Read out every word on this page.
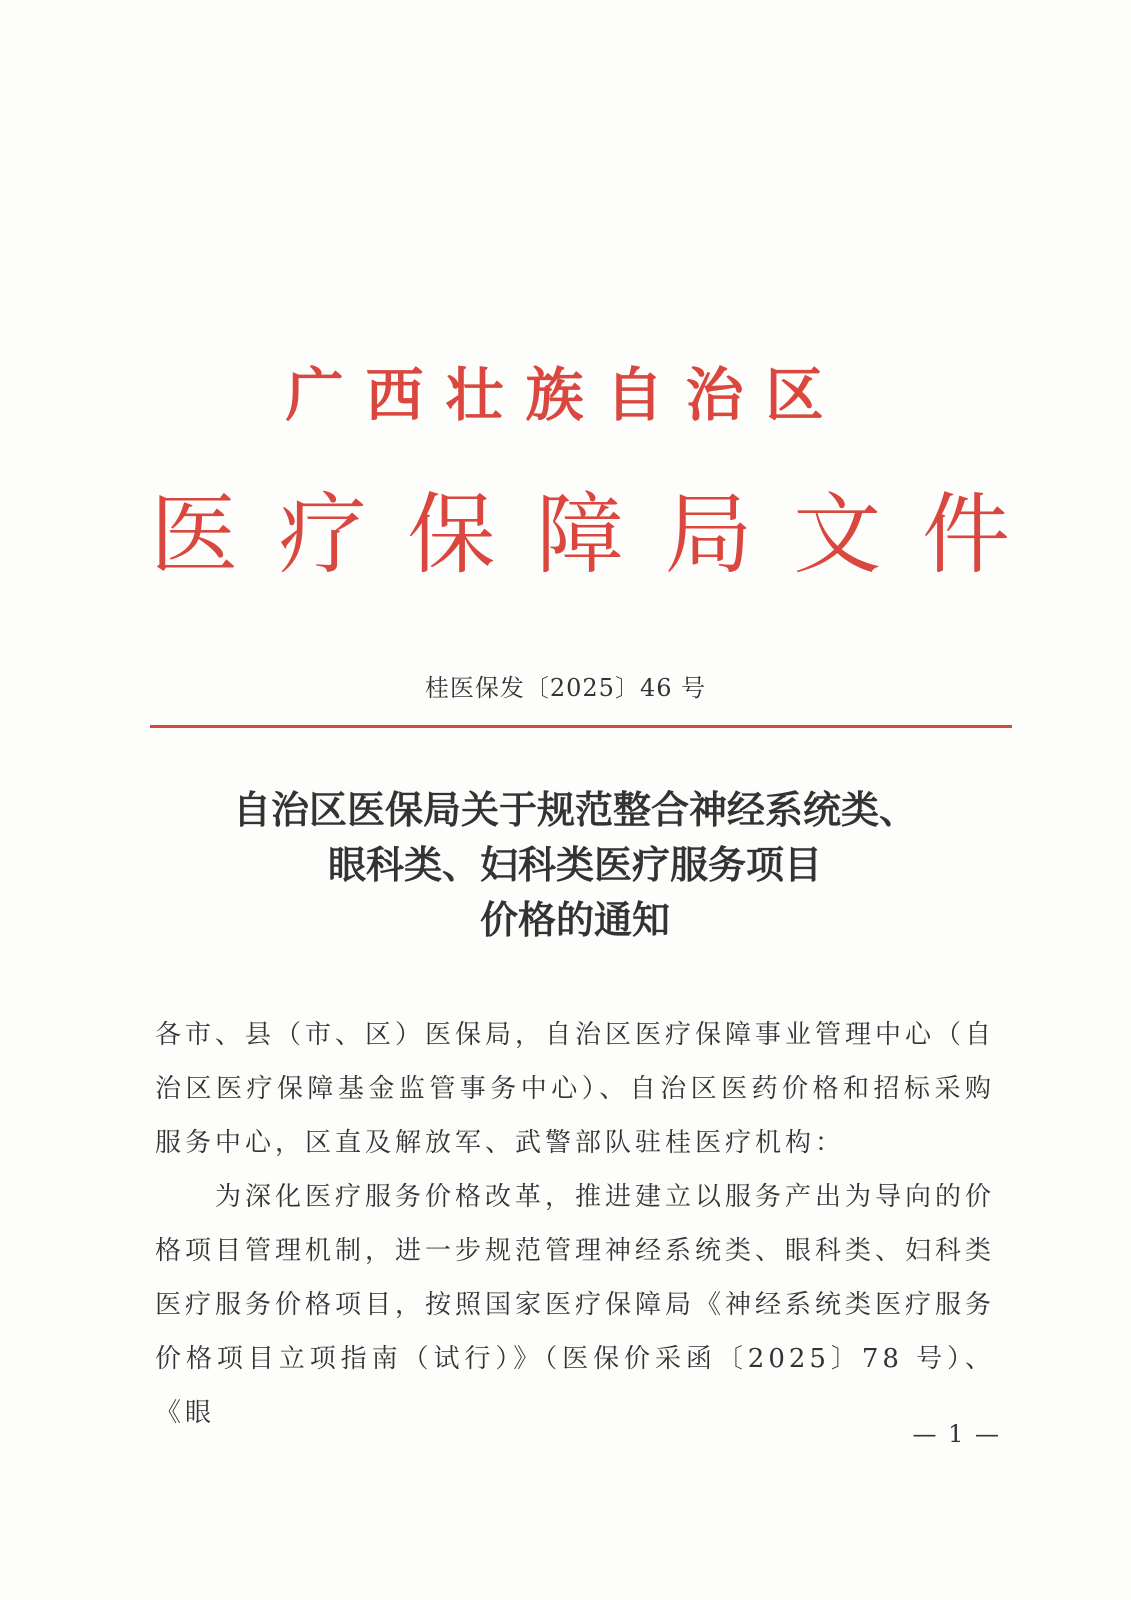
广西壮族自治区
医 疗 保 障 局 文 件
桂医保发〔2025〕46 号
自治区医保局关于规范整合神经系统类、
眼科类、妇科类医疗服务项目
价格的通知

各市、县（市、区）医保局，自治区医疗保障事业管理中心（自治区医疗保障基金监管事务中心）、自治区医药价格和招标采购服务中心，区直及解放军、武警部队驻桂医疗机构：

为深化医疗服务价格改革，推进建立以服务产出为导向的价格项目管理机制，进一步规范管理神经系统类、眼科类、妇科类医疗服务价格项目，按照国家医疗保障局《神经系统类医疗服务价格项目立项指南（试行）》（医保价采函〔2025〕78 号）、《眼

— 1 —
